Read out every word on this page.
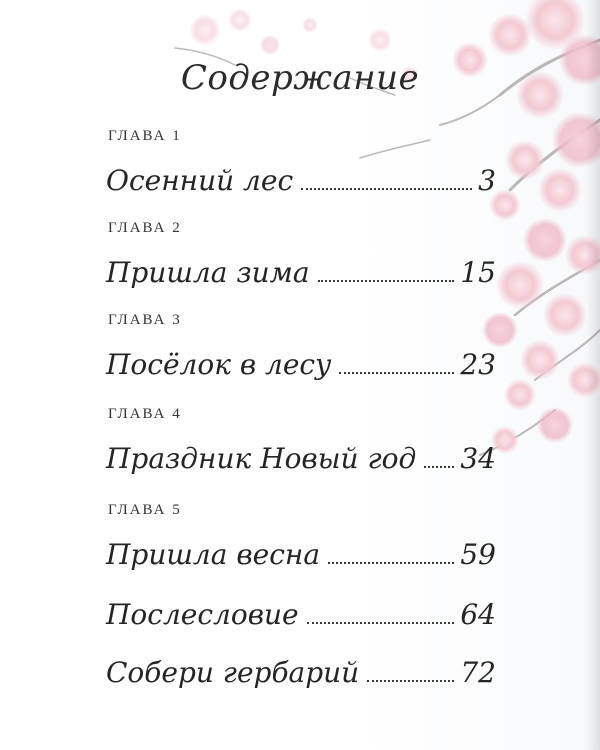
Содержание
ГЛАВА 1
Осенний лес	3
ГЛАВА 2
Пришла зима	15
ГЛАВА 3
Посёлок в лесу	23
ГЛАВА 4
Праздник Новый год 34
ГЛАВА 5
Пришла весна	59
Послесловие	64
Собери гербарий	72
